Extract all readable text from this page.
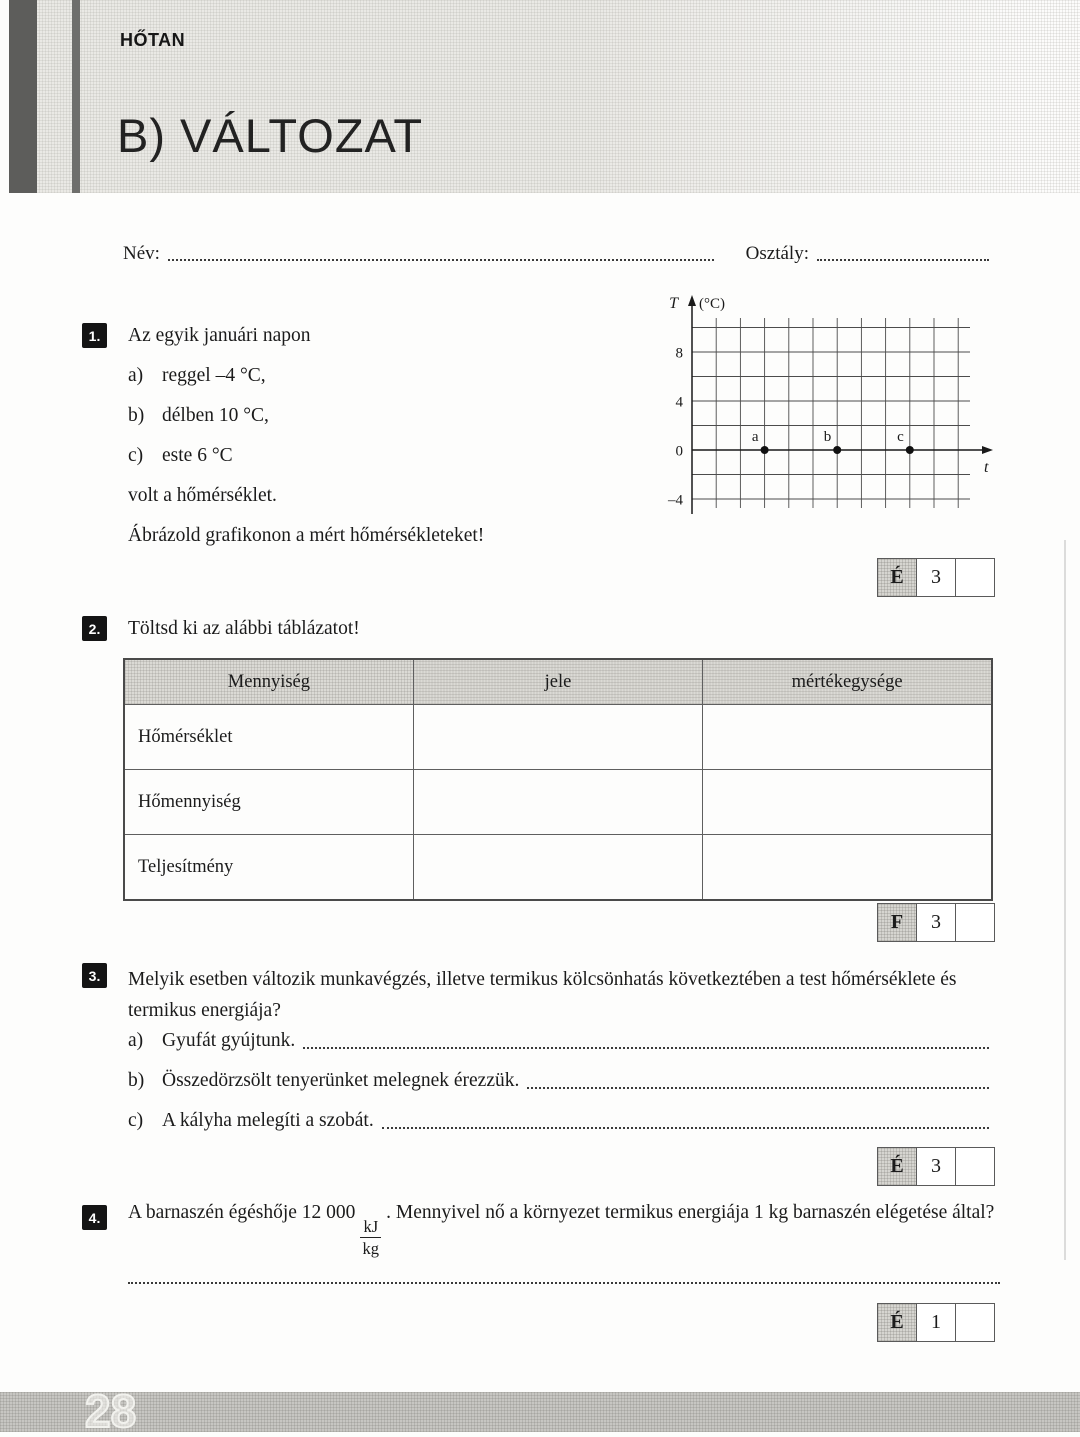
HŐTAN
B) VÁLTOZAT
Név:	Osztály:
1.	Az egyik januári napon
a) reggel –4 °C,
b) délben 10 °C,
c) este 6 °C
volt a hőmérséklet.
Ábrázold grafikonon a mért hőmérsékleteket!
8
4
0
–4
a	b	c
T (°C)
t
É	3
2.	Töltsd ki az alábbi táblázatot!
Mennyiség	jele	mértékegysége
Hőmérséklet		
Hőmennyiség		
Teljesítmény		
F	3
3.	Melyik esetben változik munkavégzés, illetve termikus kölcsönhatás következtében a test hőmérséklete és termikus energiája?
a) Gyufát gyújtunk.
b) Összedörzsölt tenyerünket melegnek érezzük.
c) A kályha melegíti a szobát.
É	3
4.	A barnaszén égéshője 12 000
$\frac{kJ}{kg}$
. Mennyivel nő a környezet termikus energiája 1 kg barnaszén elégetése által?
É	1
28
